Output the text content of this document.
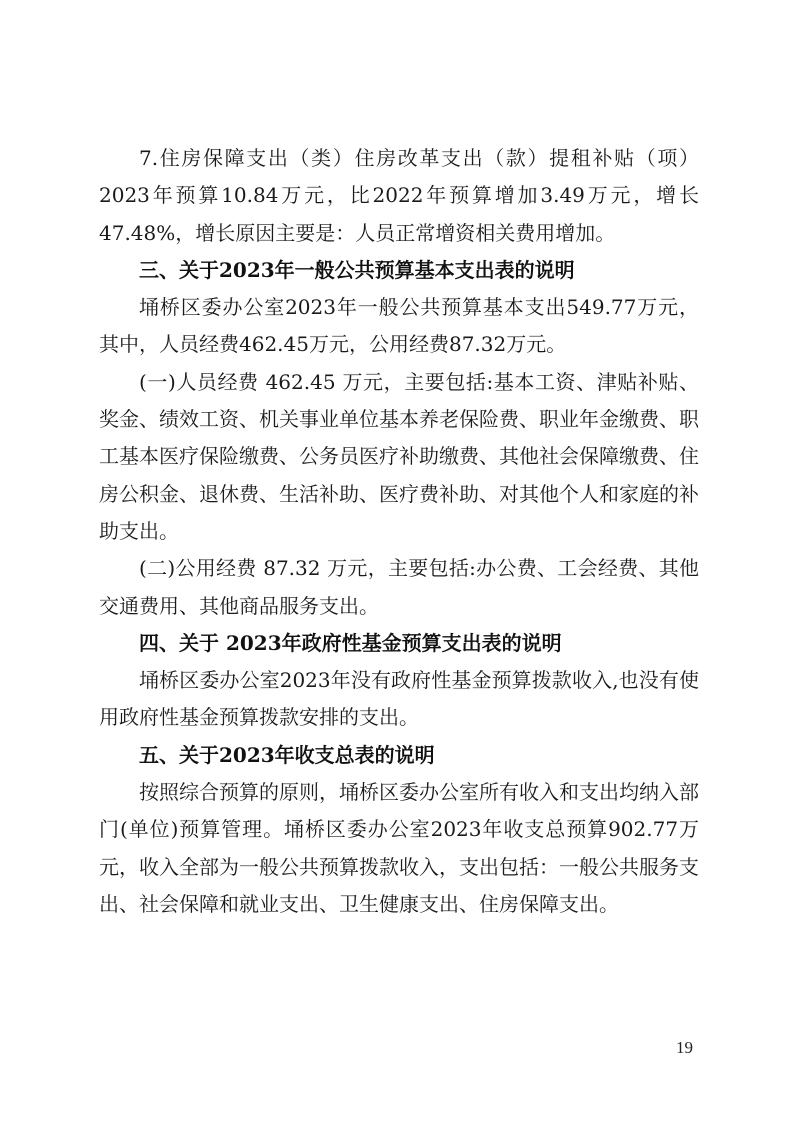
7.住房保障支出（类）住房改革支出（款）提租补贴（项）2023年预算10.84万元，比2022年预算增加3.49万元，增长47.48%，增长原因主要是：人员正常增资相关费用增加。

三、关于2023年一般公共预算基本支出表的说明

埇桥区委办公室2023年一般公共预算基本支出549.77万元，其中，人员经费462.45万元，公用经费87.32万元。

(一)人员经费 462.45 万元，主要包括:基本工资、津贴补贴、奖金、绩效工资、机关事业单位基本养老保险费、职业年金缴费、职工基本医疗保险缴费、公务员医疗补助缴费、其他社会保障缴费、住房公积金、退休费、生活补助、医疗费补助、对其他个人和家庭的补助支出。

(二)公用经费 87.32 万元，主要包括:办公费、工会经费、其他交通费用、其他商品服务支出。

四、关于 2023年政府性基金预算支出表的说明

埇桥区委办公室2023年没有政府性基金预算拨款收入,也没有使用政府性基金预算拨款安排的支出。

五、关于2023年收支总表的说明

按照综合预算的原则，埇桥区委办公室所有收入和支出均纳入部门(单位)预算管理。埇桥区委办公室2023年收支总预算902.77万元，收入全部为一般公共预算拨款收入，支出包括：一般公共服务支出、社会保障和就业支出、卫生健康支出、住房保障支出。

19
